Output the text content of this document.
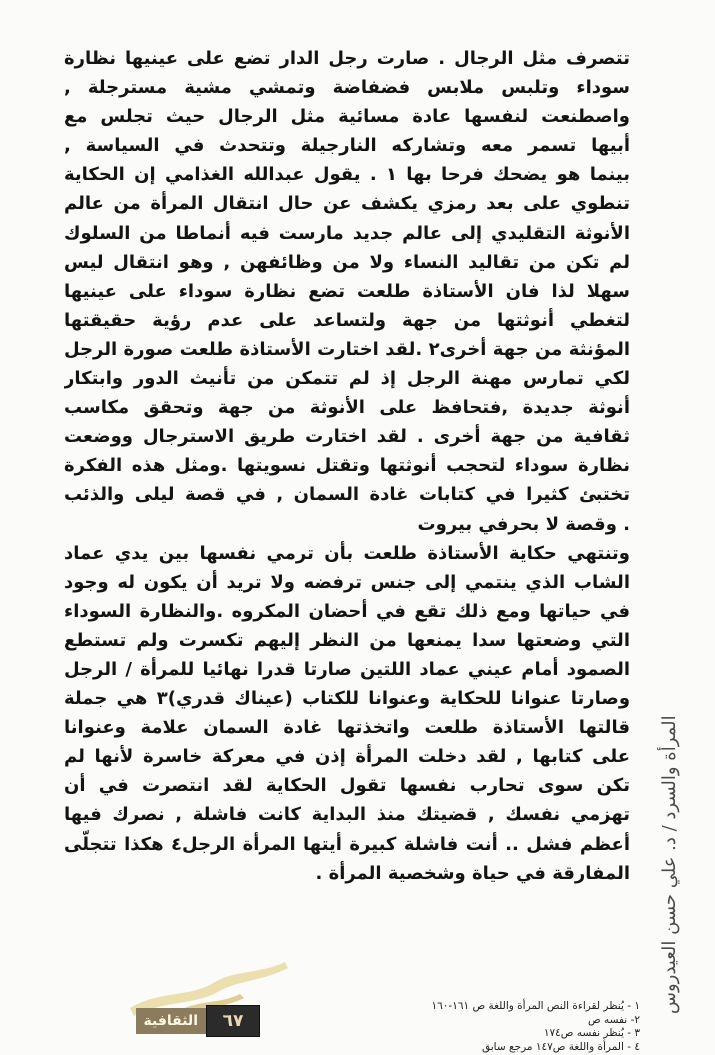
تتصرف مثل الرجال . صارت رجل الدار تضع على عينيها نظارة
سوداء وتلبس ملابس فضفاضة وتمشي مشية مسترجلة ,
واصطنعت لنفسها عادة مسائية مثل الرجال حيث تجلس مع
أبيها تسمر معه وتشاركه النارجيلة وتتحدث في السياسة ,
بينما هو يضحك فرحا بها ١ . يقول عبدالله الغذامي إن الحكاية
تنطوي على بعد رمزي يكشف عن حال انتقال المرأة من عالم
الأنوثة التقليدي إلى عالم جديد مارست فيه أنماطا من السلوك
لم تكن من تقاليد النساء ولا من وظائفهن , وهو انتقال ليس
سهلا لذا فان الأستاذة طلعت تضع نظارة سوداء على عينيها
لتغطي أنوثتها من جهة ولتساعد على عدم رؤية حقيقتها
المؤنثة من جهة أخرى٢ .لقد اختارت الأستاذة طلعت صورة الرجل
لكي تمارس مهنة الرجل إذ لم تتمكن من تأنيث الدور وابتكار
أنوثة جديدة ,فتحافظ على الأنوثة من جهة وتحقق مكاسب
ثقافية من جهة أخرى . لقد اختارت طريق الاسترجال ووضعت
نظارة سوداء لتحجب أنوثتها وتقتل نسويتها .ومثل هذه الفكرة
تختبئ كثيرا في كتابات غادة السمان , في قصة ليلى والذئب
. وقصة لا بحرفي بيروت
وتنتهي حكاية الأستاذة طلعت بأن ترمي نفسها بين يدي عماد
الشاب الذي ينتمي إلى جنس ترفضه ولا تريد أن يكون له وجود
في حياتها ومع ذلك تقع في أحضان المكروه .والنظارة السوداء
التي وضعتها سدا يمنعها من النظر إليهم تكسرت ولم تستطع
الصمود أمام عيني عماد اللتين صارتا قدرا نهائيا للمرأة / الرجل
وصارتا عنوانا للحكاية وعنوانا للكتاب (عيناك قدري)٣ هي جملة
قالتها الأستاذة طلعت واتخذتها غادة السمان علامة وعنوانا
على كتابها , لقد دخلت المرأة إذن في معركة خاسرة لأنها لم
تكن سوى تحارب نفسها تقول الحكاية لقد انتصرت في أن
تهزمي نفسك , قضيتك منذ البداية كانت فاشلة , نصرك فيها
أعظم فشل .. أنت فاشلة كبيرة أيتها المرأة الرجل٤ هكذا تتجلّى
المفارقة في حياة وشخصية المرأة . المرأة والسرد / د. علي حسن العيدروس
٦٧
الثقافية
١ - يُنظر لقراءة النص المرأة واللغة ص ١٦١-١٦٠
٢- نفسه ص
٣ - يُنظر نفسه ص١٧٤
٤ - المرأة واللغة ص١٤٧ مرجع سابق
